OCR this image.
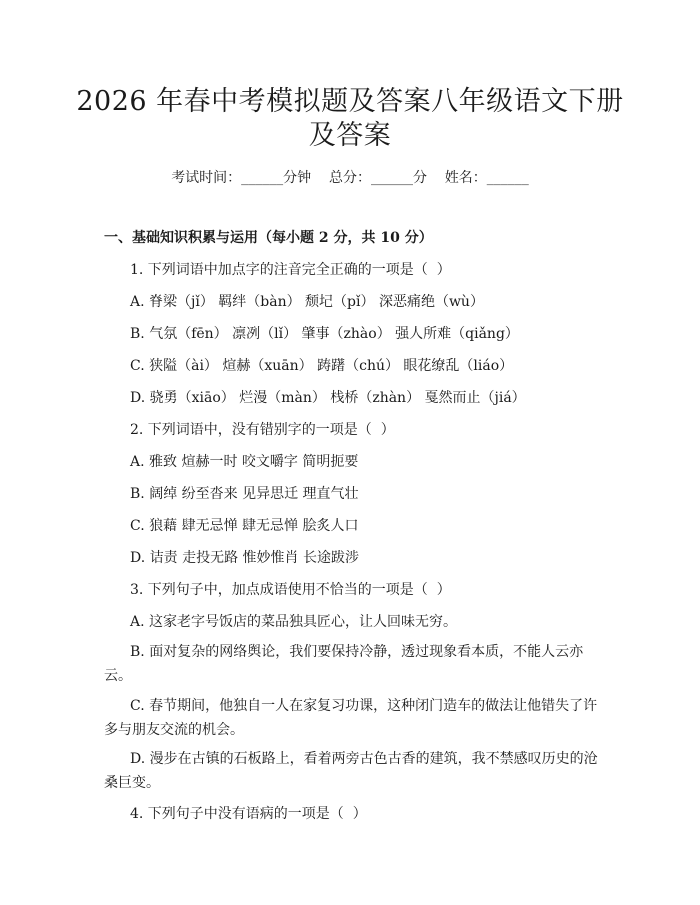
2026 年春中考模拟题及答案八年级语文下册
及答案
考试时间：______分钟    总分：______分    姓名：______
一、基础知识积累与运用（每小题 2 分，共 10 分）

1. 下列词语中加点字的注音完全正确的一项是（  ）

A. 脊梁（jǐ） 羁绊（bàn） 颓圮（pǐ） 深恶痛绝（wù）

B. 气氛（fēn） 凛冽（lǐ） 肇事（zhào） 强人所难（qiǎng）

C. 狭隘（ài） 煊赫（xuān） 踌躇（chú） 眼花缭乱（liáo）

D. 骁勇（xiāo） 烂漫（màn） 栈桥（zhàn） 戛然而止（jiá）

2. 下列词语中，没有错别字的一项是（  ）

A. 雅致 煊赫一时 咬文嚼字 简明扼要

B. 阔绰 纷至沓来 见异思迁 理直气壮

C. 狼藉 肆无忌惮 肆无忌惮 脍炙人口

D. 诘责 走投无路 惟妙惟肖 长途跋涉

3. 下列句子中，加点成语使用不恰当的一项是（  ）

A. 这家老字号饭店的菜品独具匠心，让人回味无穷。

B. 面对复杂的网络舆论，我们要保持冷静，透过现象看本质，不能人云亦云。

C. 春节期间，他独自一人在家复习功课，这种闭门造车的做法让他错失了许多与朋友交流的机会。

D. 漫步在古镇的石板路上，看着两旁古色古香的建筑，我不禁感叹历史的沧桑巨变。

4. 下列句子中没有语病的一项是（  ）
